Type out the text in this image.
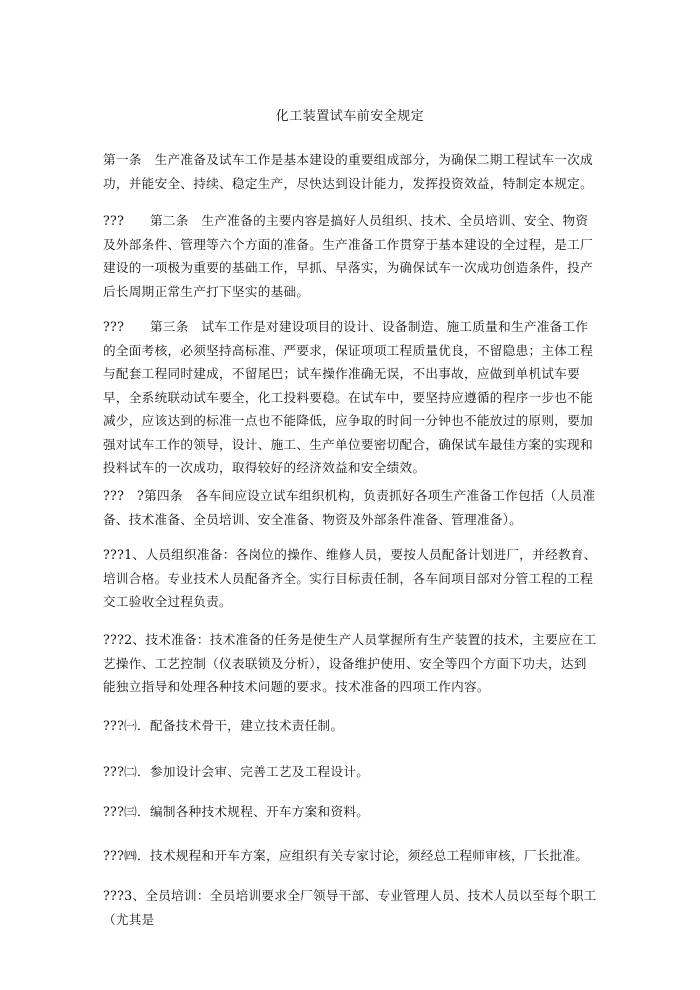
化工装置试车前安全规定

第一条　生产准备及试车工作是基本建设的重要组成部分，为确保二期工程试车一次成功，并能安全、持续、稳定生产，尽快达到设计能力，发挥投资效益，特制定本规定。

???　　第二条　生产准备的主要内容是搞好人员组织、技术、全员培训、安全、物资及外部条件、管理等六个方面的准备。生产准备工作贯穿于基本建设的全过程，是工厂建设的一项极为重要的基础工作，早抓、早落实，为确保试车一次成功创造条件，投产后长周期正常生产打下坚实的基础。

???　　第三条　试车工作是对建设项目的设计、设备制造、施工质量和生产准备工作的全面考核，必须坚持高标准、严要求，保证项项工程质量优良，不留隐患；主体工程与配套工程同时建成，不留尾巴；试车操作准确无误，不出事故，应做到单机试车要早，全系统联动试车要全，化工投料要稳。在试车中，要坚持应遵循的程序一步也不能减少，应该达到的标准一点也不能降低，应争取的时间一分钟也不能放过的原则，要加强对试车工作的领导，设计、施工、生产单位要密切配合，确保试车最佳方案的实现和投料试车的一次成功，取得较好的经济效益和安全绩效。

???　?第四条　各车间应设立试车组织机构，负责抓好各项生产准备工作包括（人员准备、技术准备、全员培训、安全准备、物资及外部条件准备、管理准备）。

???1、人员组织准备：各岗位的操作、维修人员，要按人员配备计划进厂，并经教育、培训合格。专业技术人员配备齐全。实行目标责任制，各车间项目部对分管工程的工程交工验收全过程负责。

???2、技术准备：技术准备的任务是使生产人员掌握所有生产装置的技术，主要应在工艺操作、工艺控制（仪表联锁及分析），设备维护使用、安全等四个方面下功夫，达到能独立指导和处理各种技术问题的要求。技术准备的四项工作内容。

???㈠．配备技术骨干，建立技术责任制。

???㈡．参加设计会审、完善工艺及工程设计。

???㈢．编制各种技术规程、开车方案和资料。

???㈣．技术规程和开车方案，应组织有关专家讨论，须经总工程师审核，厂长批准。

???3、全员培训：全员培训要求全厂领导干部、专业管理人员、技术人员以至每个职工（尤其是
